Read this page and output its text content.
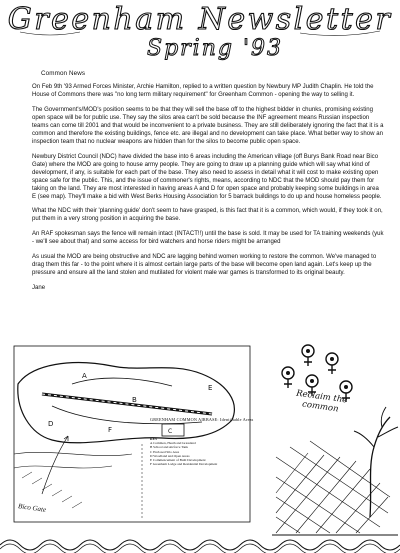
Greenham Newsletter
Spring '93
Common News

On Feb 9th '93 Armed Forces Minister, Archie Hamilton, replied to a written question by Newbury MP Judith Chaplin. He told the House of Commons there was "no long term military requirement" for Greenham Common - opening the way to selling it.

The Government's/MOD's position seems to be that they will sell the base off to the highest bidder in chunks, promising existing open space will be for public use. They say the silos area can't be sold because the INF agreement means Russian inspection teams can come till 2001 and that would be inconvenient to a private business. They are still deliberately ignoring the fact that it is a common and therefore the existing buildings, fence etc. are illegal and no development can take place. What better way to show an inspection team that no nuclear weapons are hidden than for the silos to become public open space.

Newbury District Council (NDC) have divided the base into 6 areas including the American village (off Burys Bank Road near Bico Gate) where the MOD are going to house army people. They are going to draw up a planning guide which will say what kind of development, if any, is suitable for each part of the base. They also need to assess in detail what it will cost to make existing open space safe for the public. This, and the issue of commoner's rights, means, according to NDC that the MOD should pay them for taking on the land. They are most interested in having areas A and D for open space and probably keeping some buildings in area E (see map). They'll make a bid with West Berks Housing Association for 5 barrack buildings to do up and house homeless people.

What the NDC with their 'planning guide' don't seem to have grasped, is this fact that it is a common, which would, if they took it on, put them in a very strong position in acquiring the base.

An RAF spokesman says the fence will remain intact (INTACT!!) until the base is sold. It may be used for TA training weekends (yuk - we'll see about that) and some access for bird watchers and horse riders might be arranged

As usual the MOD are being obstructive and NDC are lagging behind women working to restore the common. We've managed to drag them this far - to the point where it is almost certain large parts of the base will become open land again. Let's keep up the pressure and ensure all the land stolen and mutilated for violent male war games is transformed to its original beauty.

Jane

A
B
C
D
E
F
GREENHAM COMMON AIRBASE: Identifiable Areas
KEY
A Common, Heath and Grassland
B School and Airforce Tank
C Enclosed Silo Area
D Woodland and Open Areas
E Commencement of Built Development
F Greenham Lodge and Residential Development
Bico Gate
Reclaim the common
